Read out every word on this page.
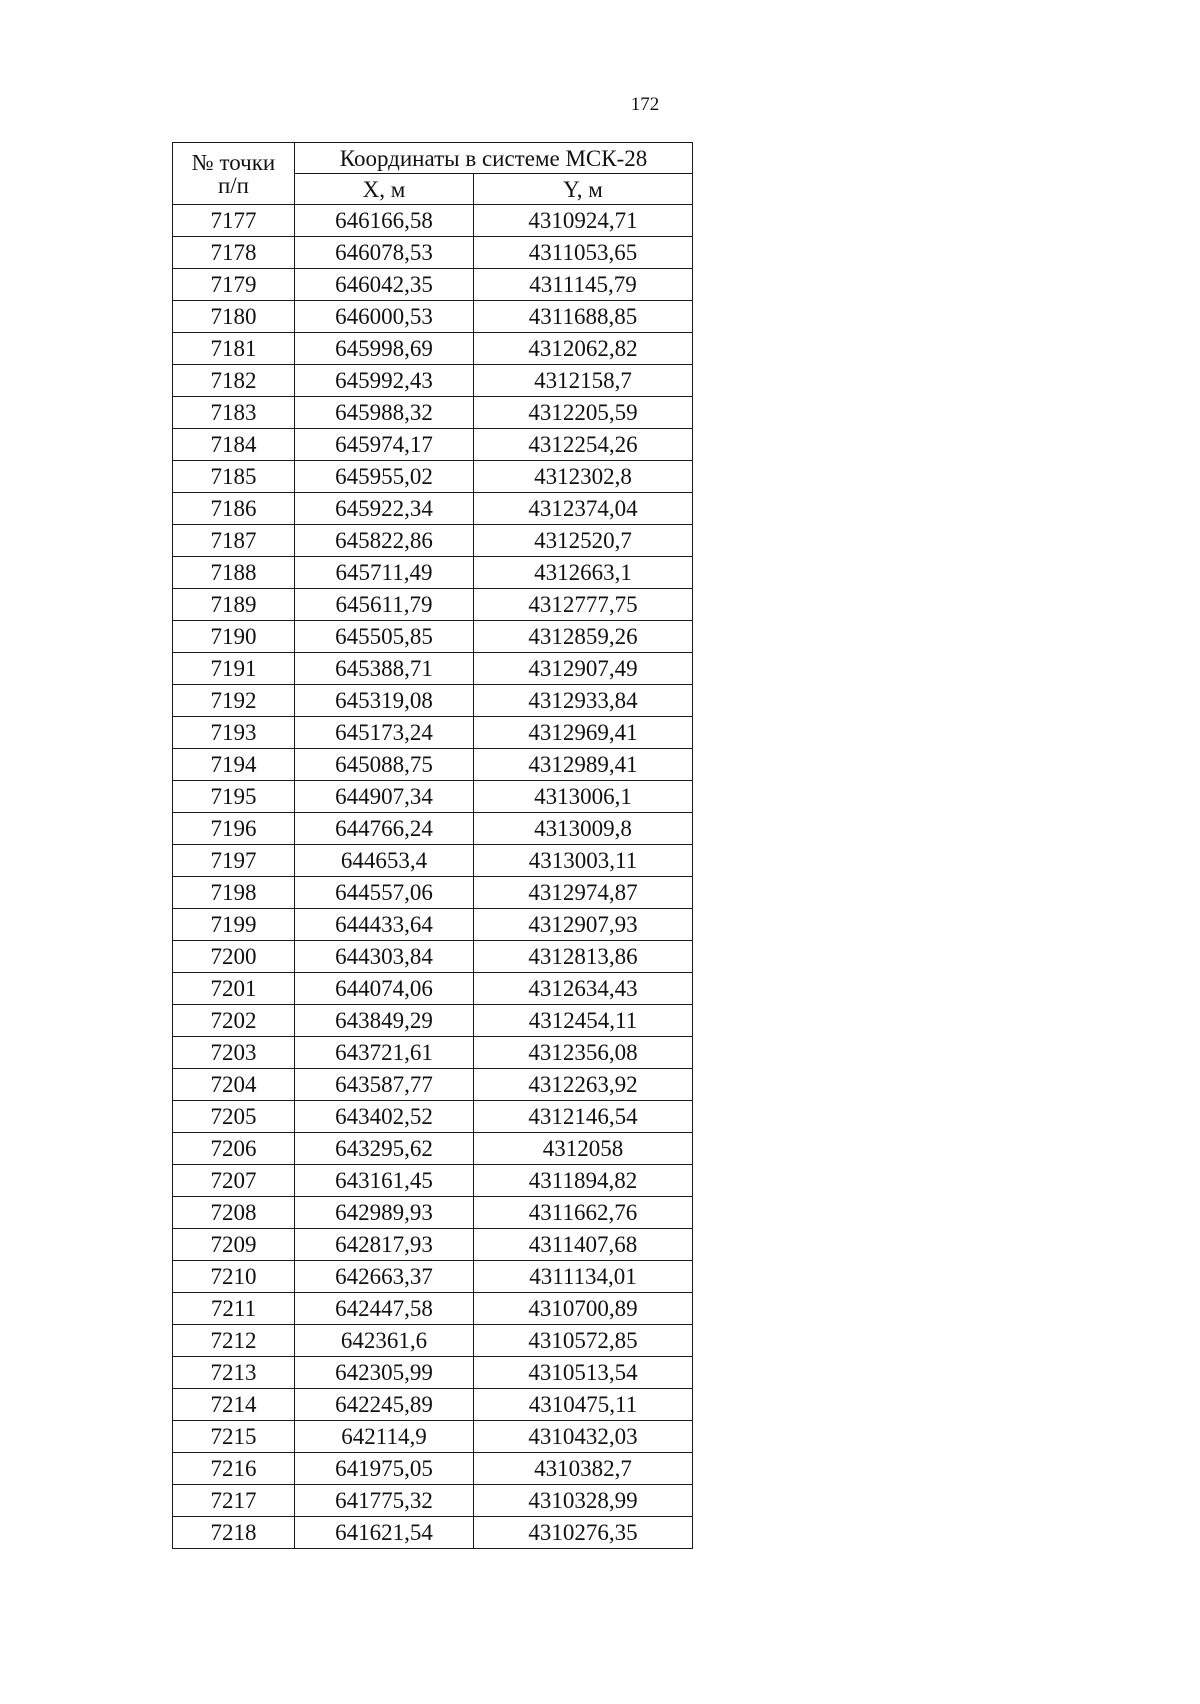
172
№ точки
п/п	Координаты в системе МСК-28	
	X, м	Y, м
7177	646166,58	4310924,71
7178	646078,53	4311053,65
7179	646042,35	4311145,79
7180	646000,53	4311688,85
7181	645998,69	4312062,82
7182	645992,43	4312158,7
7183	645988,32	4312205,59
7184	645974,17	4312254,26
7185	645955,02	4312302,8
7186	645922,34	4312374,04
7187	645822,86	4312520,7
7188	645711,49	4312663,1
7189	645611,79	4312777,75
7190	645505,85	4312859,26
7191	645388,71	4312907,49
7192	645319,08	4312933,84
7193	645173,24	4312969,41
7194	645088,75	4312989,41
7195	644907,34	4313006,1
7196	644766,24	4313009,8
7197	644653,4	4313003,11
7198	644557,06	4312974,87
7199	644433,64	4312907,93
7200	644303,84	4312813,86
7201	644074,06	4312634,43
7202	643849,29	4312454,11
7203	643721,61	4312356,08
7204	643587,77	4312263,92
7205	643402,52	4312146,54
7206	643295,62	4312058
7207	643161,45	4311894,82
7208	642989,93	4311662,76
7209	642817,93	4311407,68
7210	642663,37	4311134,01
7211	642447,58	4310700,89
7212	642361,6	4310572,85
7213	642305,99	4310513,54
7214	642245,89	4310475,11
7215	642114,9	4310432,03
7216	641975,05	4310382,7
7217	641775,32	4310328,99
7218	641621,54	4310276,35
